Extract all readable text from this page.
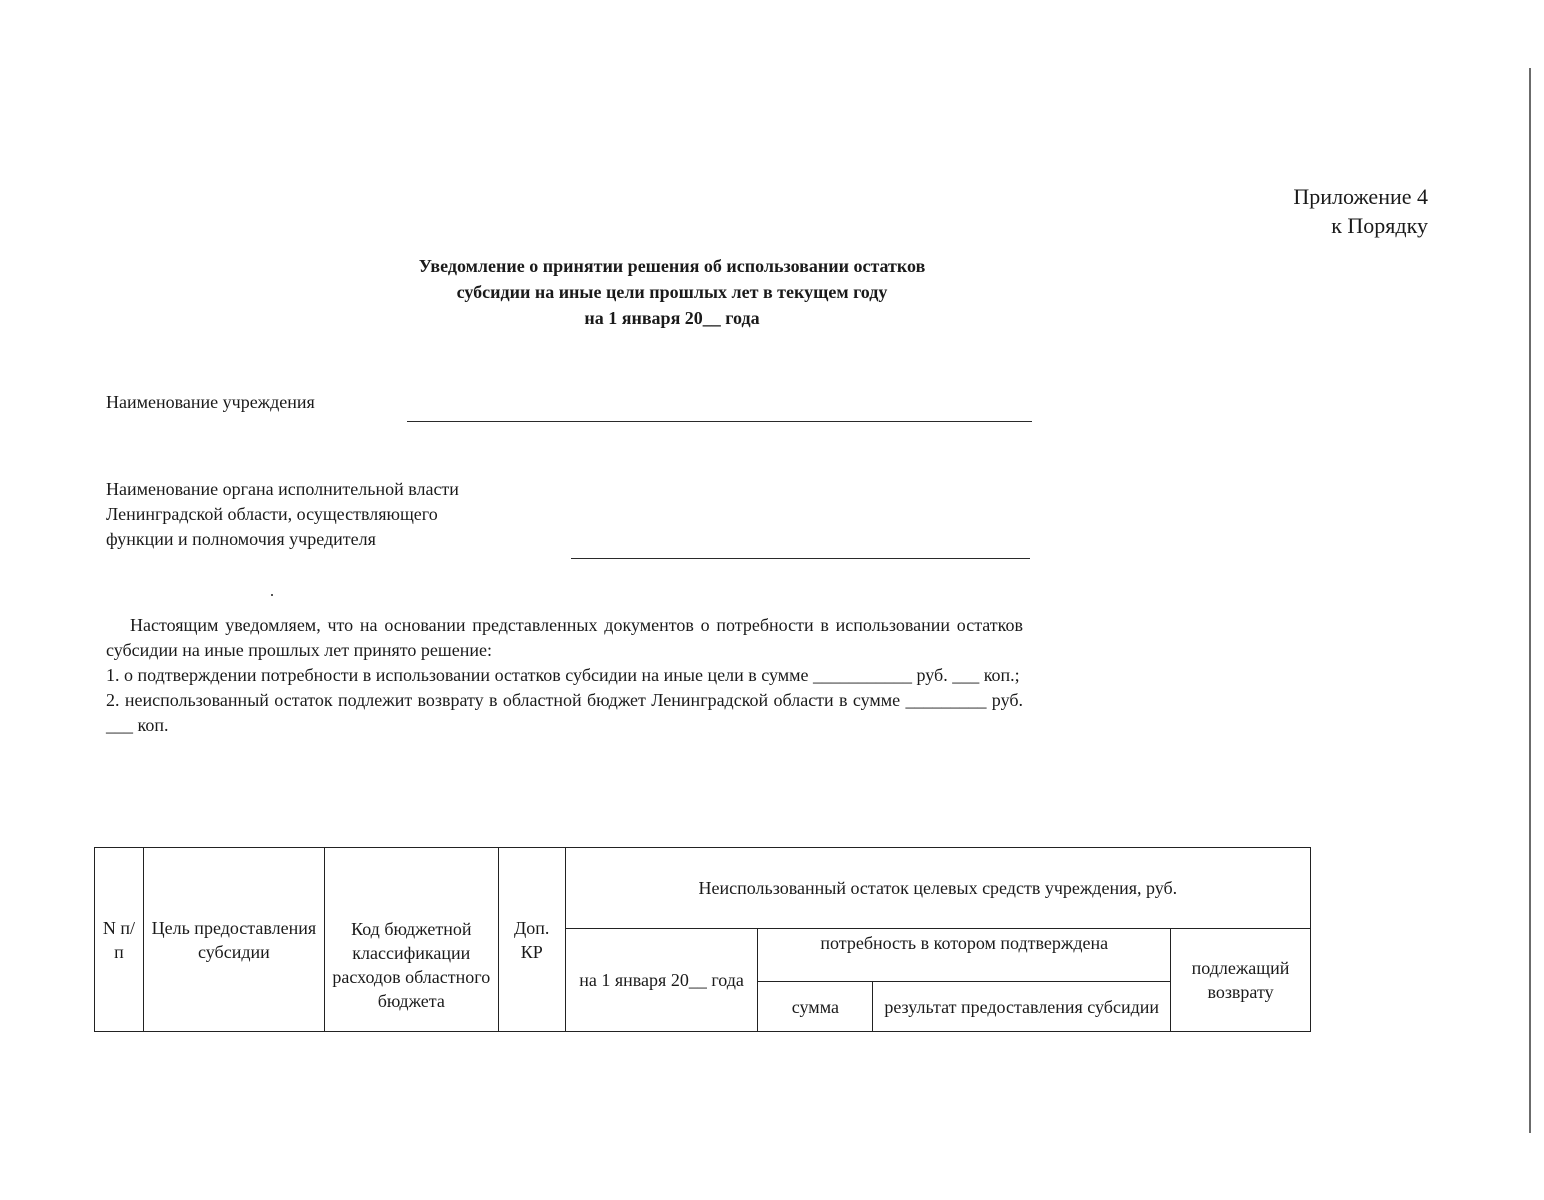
Приложение 4
к Порядку
Уведомление о принятии решения об использовании остатков
субсидии на иные цели прошлых лет в текущем году
на 1 января 20__ года
Наименование учреждения
Наименование органа исполнительной власти
Ленинградской области, осуществляющего
функции и полномочия учредителя

Настоящим уведомляем, что на основании представленных документов о потребности в использовании остатков субсидии на иные прошлых лет принято решение:

1. о подтверждении потребности в использовании остатков субсидии на иные цели в сумме ___________ руб. ___ коп.;

2. неиспользованный остаток подлежит возврату в областной бюджет Ленинградской области в сумме _________ руб. ___ коп.

N п/п	Цель предоставления субсидии	Код бюджетной классификации расходов областного бюджета	Доп. КР	Неиспользованный остаток целевых средств учреждения, руб.			
				на 1 января 20__ года	потребность в котором подтверждена		подлежащий возврату
					сумма	результат предоставления субсидии	
